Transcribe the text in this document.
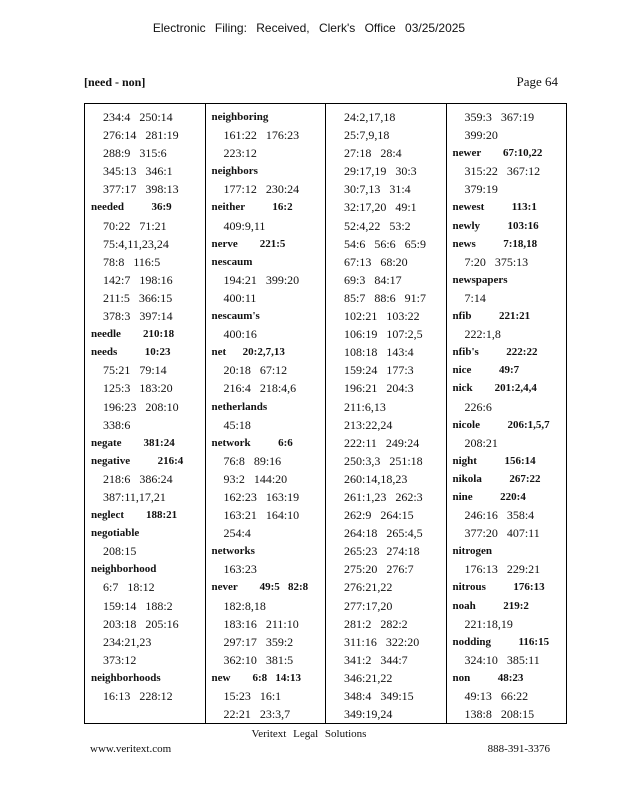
Electronic Filing: Received, Clerk's Office 03/25/2025
[need - non]	Page 64
234:4   250:14
276:14   281:19
288:9   315:6
345:13   346:1
377:17   398:13
needed          36:9
70:22   71:21
75:4,11,23,24
78:8   116:5
142:7   198:16
211:5   366:15
378:3   397:14
needle        210:18
needs          10:23
75:21   79:14
125:3   183:20
196:23   208:10
338:6
negate        381:24
negative          216:4
218:6   386:24
387:11,17,21
neglect        188:21
negotiable
208:15
neighborhood
6:7   18:12
159:14   188:2
203:18   205:16
234:21,23
373:12
neighborhoods
16:13   228:12
neighboring
161:22   176:23
223:12
neighbors
177:12   230:24
neither          16:2
409:9,11
nerve        221:5
nescaum
194:21   399:20
400:11
nescaum's
400:16
net      20:2,7,13
20:18   67:12
216:4   218:4,6
netherlands
45:18
network          6:6
76:8   89:16
93:2   144:20
162:23   163:19
163:21   164:10
254:4
networks
163:23
never        49:5   82:8
182:8,18
183:16   211:10
297:17   359:2
362:10   381:5
new        6:8   14:13
15:23   16:1
22:21   23:3,7
24:2,17,18
25:7,9,18
27:18   28:4
29:17,19   30:3
30:7,13   31:4
32:17,20   49:1
52:4,22   53:2
54:6   56:6   65:9
67:13   68:20
69:3   84:17
85:7   88:6   91:7
102:21   103:22
106:19   107:2,5
108:18   143:4
159:24   177:3
196:21   204:3
211:6,13
213:22,24
222:11   249:24
250:3,3   251:18
260:14,18,23
261:1,23   262:3
262:9   264:15
264:18   265:4,5
265:23   274:18
275:20   276:7
276:21,22
277:17,20
281:2   282:2
311:16   322:20
341:2   344:7
346:21,22
348:4   349:15
349:19,24
359:3   367:19
399:20
newer        67:10,22
315:22   367:12
379:19
newest          113:1
newly          103:16
news          7:18,18
7:20   375:13
newspapers
7:14
nfib          221:21
222:1,8
nfib's          222:22
nice          49:7
nick        201:2,4,4
226:6
nicole          206:1,5,7
208:21
night          156:14
nikola          267:22
nine          220:4
246:16   358:4
377:20   407:11
nitrogen
176:13   229:21
nitrous          176:13
noah          219:2
221:18,19
nodding          116:15
324:10   385:11
non          48:23
49:13   66:22
138:8   208:15
Veritext Legal Solutions
www.veritext.com	888-391-3376
